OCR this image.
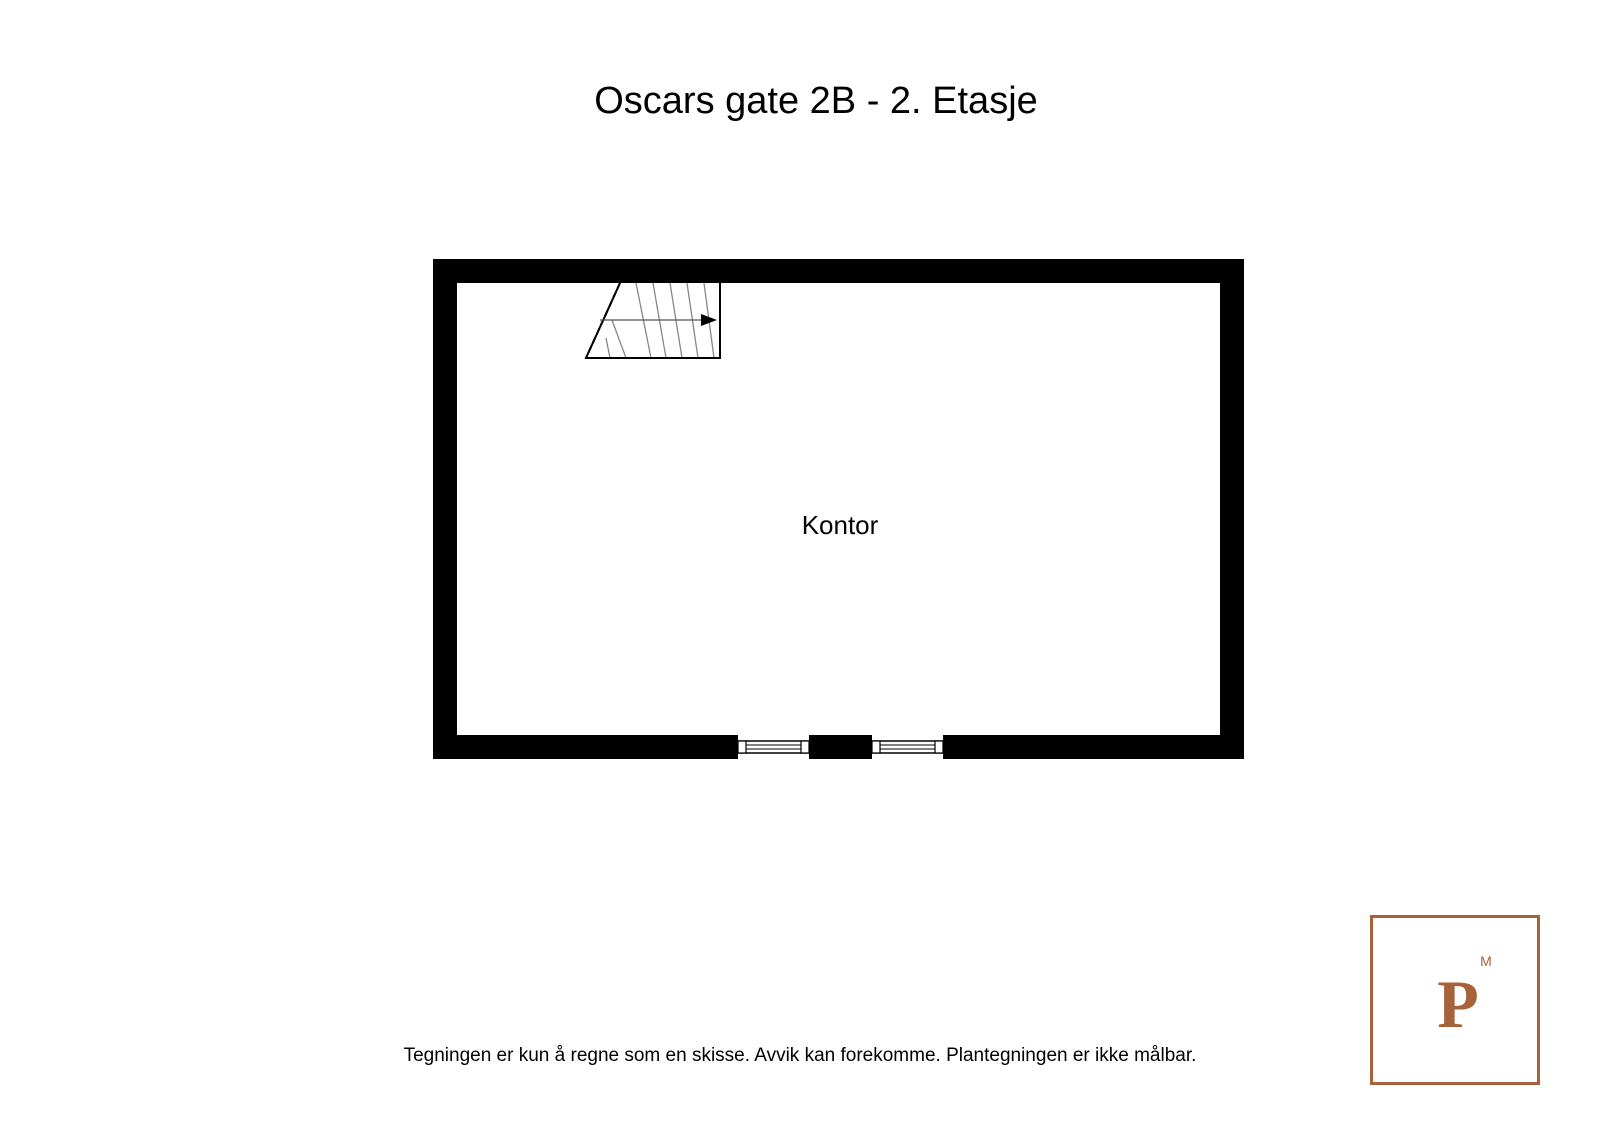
Oscars gate 2B - 2. Etasje
Kontor
Tegningen er kun å regne som en skisse. Avvik kan forekomme. Plantegningen er ikke målbar.
P
M
